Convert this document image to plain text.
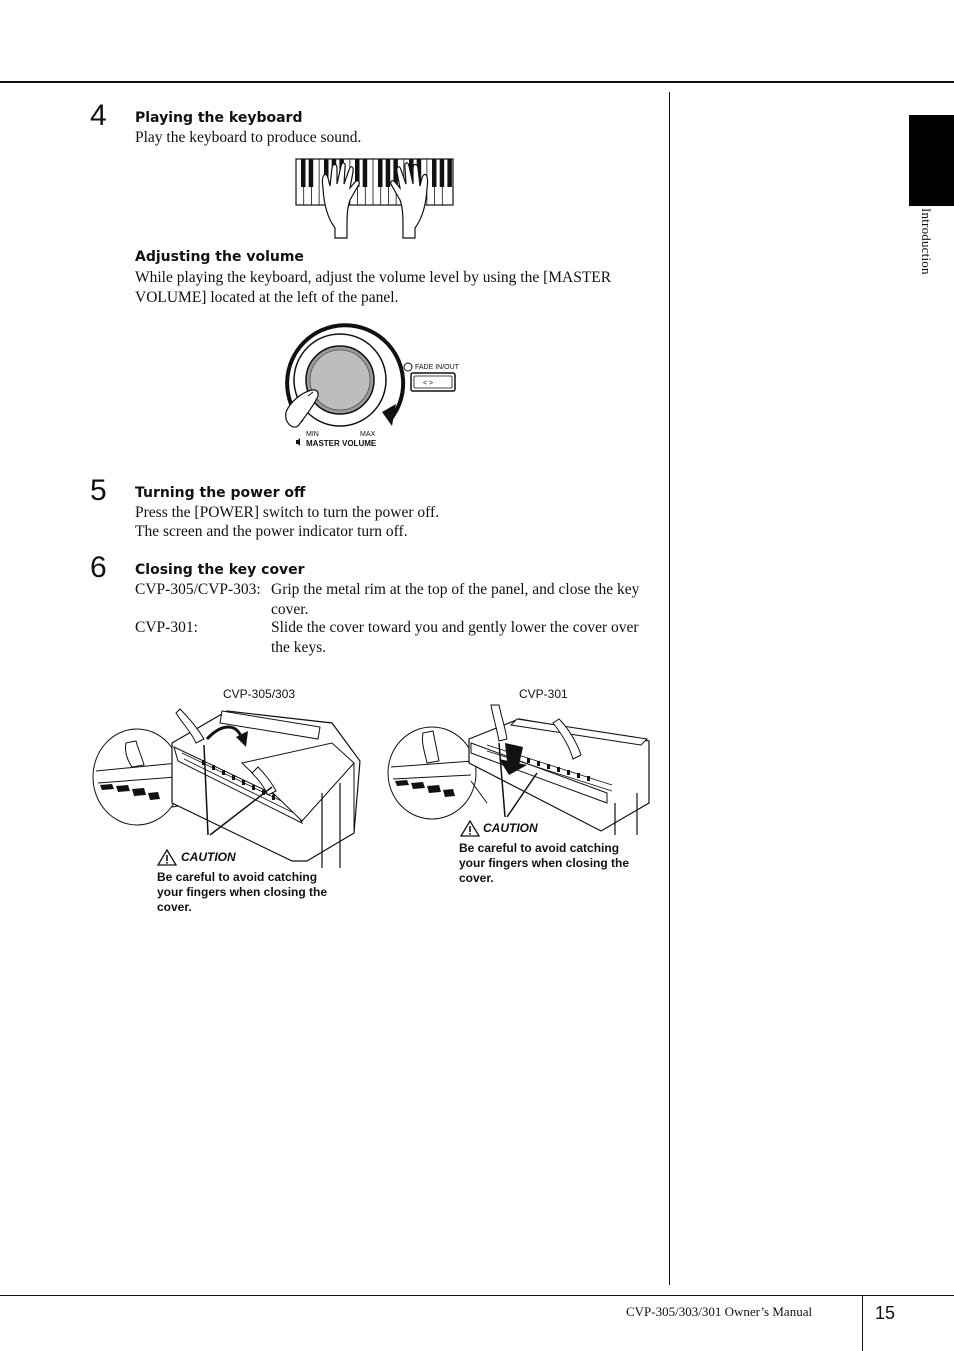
Introduction
4 Playing the keyboard
Play the keyboard to produce sound.
Adjusting the volume
While playing the keyboard, adjust the volume level by using the [MASTER VOLUME] located at the left of the panel.
MIN	MAX
MASTER VOLUME
FADE IN/OUT
< >
5 Turning the power off
Press the [POWER] switch to turn the power off.
The screen and the power indicator turn off.
6 Closing the key cover
CVP-305/CVP-303: Grip the metal rim at the top of the panel, and close the key cover.
CVP-301:	Slide the cover toward you and gently lower the cover over the keys.
CVP-305/303
CAUTION
Be careful to avoid catching your fingers when closing the cover.
CVP-301
CAUTION
Be careful to avoid catching your fingers when closing the cover.
CVP-305/303/301 Owner’s Manual	15
